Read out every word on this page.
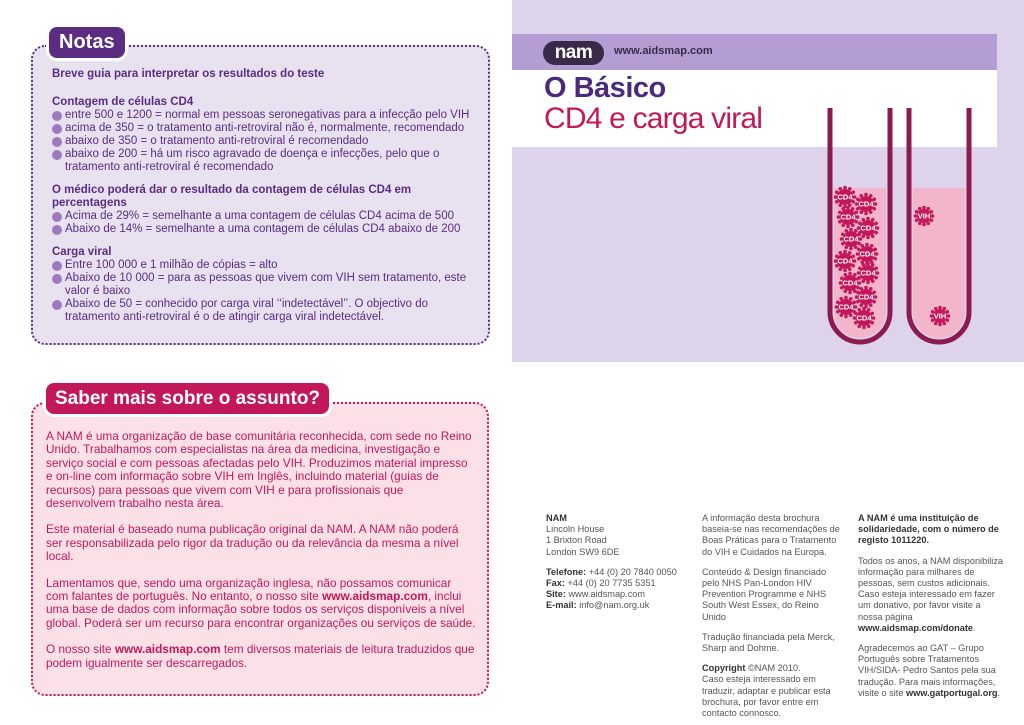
Notas
Breve guia para interpretar os resultados do teste
Contagem de células CD4
entre 500 e 1200 = normal em pessoas seronegativas para a infecção pelo VIH
acima de 350 = o tratamento anti-retroviral não é, normalmente, recomendado
abaixo de 350 = o tratamento anti-retroviral é recomendado
abaixo de 200 = há um risco agravado de doença e infecções, pelo que o tratamento anti-retroviral é recomendado
O médico poderá dar o resultado da contagem de células CD4 em percentagens
Acima de 29% = semelhante a uma contagem de células CD4 acima de 500
Abaixo de 14% = semelhante a uma contagem de células CD4 abaixo de 200
Carga viral
Entre 100 000 e 1 milhão de cópias = alto
Abaixo de 10 000 = para as pessoas que vivem com VIH sem tratamento, este valor é baixo
Abaixo de 50 = conhecido por carga viral ‘‘indetectável’’. O objectivo do tratamento anti-retroviral é o de atingir carga viral indetectável.
Saber mais sobre o assunto?

A NAM é uma organização de base comunitária reconhecida, com sede no Reino Unido. Trabalhamos com especialistas na área da medicina, investigação e serviço social e com pessoas afectadas pelo VIH. Produzimos material impresso e on-line com informação sobre VIH em Inglês, incluindo material (guias de recursos) para pessoas que vivem com VIH e para profissionais que desenvolvem trabalho nesta área.

Este material é baseado numa publicação original da NAM. A NAM não poderá ser responsabilizada pelo rigor da tradução ou da relevância da mesma a nível local.

Lamentamos que, sendo uma organização inglesa, não possamos comunicar com falantes de português. No entanto, o nosso site www.aidsmap.com, inclui uma base de dados com informação sobre todos os serviços disponíveis a nível global. Poderá ser um recurso para encontrar organizações ou serviços de saúde.

O nosso site www.aidsmap.com tem diversos materiais de leitura traduzidos que podem igualmente ser descarregados.

nam	www.aidsmap.com
O Básico
CD4 e carga viral
CD4
CD4
CD4
CD4
CD4
CD4
CD4
CD4
CD4
CD4
CD4
CD4
VIH
VIH
NAM
Lincoln House
1 Brixton Road
London SW9 6DE
Telefone: +44 (0) 20 7840 0050
Fax: +44 (0) 20 7735 5351
Site: www.aidsmap.com
E-mail: info@nam.org.uk

A informação desta brochura baseia-se nas recomendações de Boas Práticas para o Tratamento do VIH e Cuidados na Europa.

Conteúdo & Design financiado pelo NHS Pan-London HIV Prevention Programme e NHS South West Essex, do Reino Unido

Tradução financiada pela Merck, Sharp and Dohme.

Copyright ©NAM 2010.
Caso esteja interessado em traduzir, adaptar e publicar esta brochura, por favor entre em contacto connosco.

A NAM é uma instituição de solidariedade, com o número de registo 1011220.

Todos os anos, a NAM disponibiliza informação para milhares de pessoas, sem custos adicionais. Caso esteja interessado em fazer um donativo, por favor visite a nossa página www.aidsmap.com/donate.

Agradecemos ao GAT – Grupo Português sobre Tratamentos VIH/SIDA- Pedro Santos pela sua tradução. Para mais informações, visite o site www.gatportugal.org.
